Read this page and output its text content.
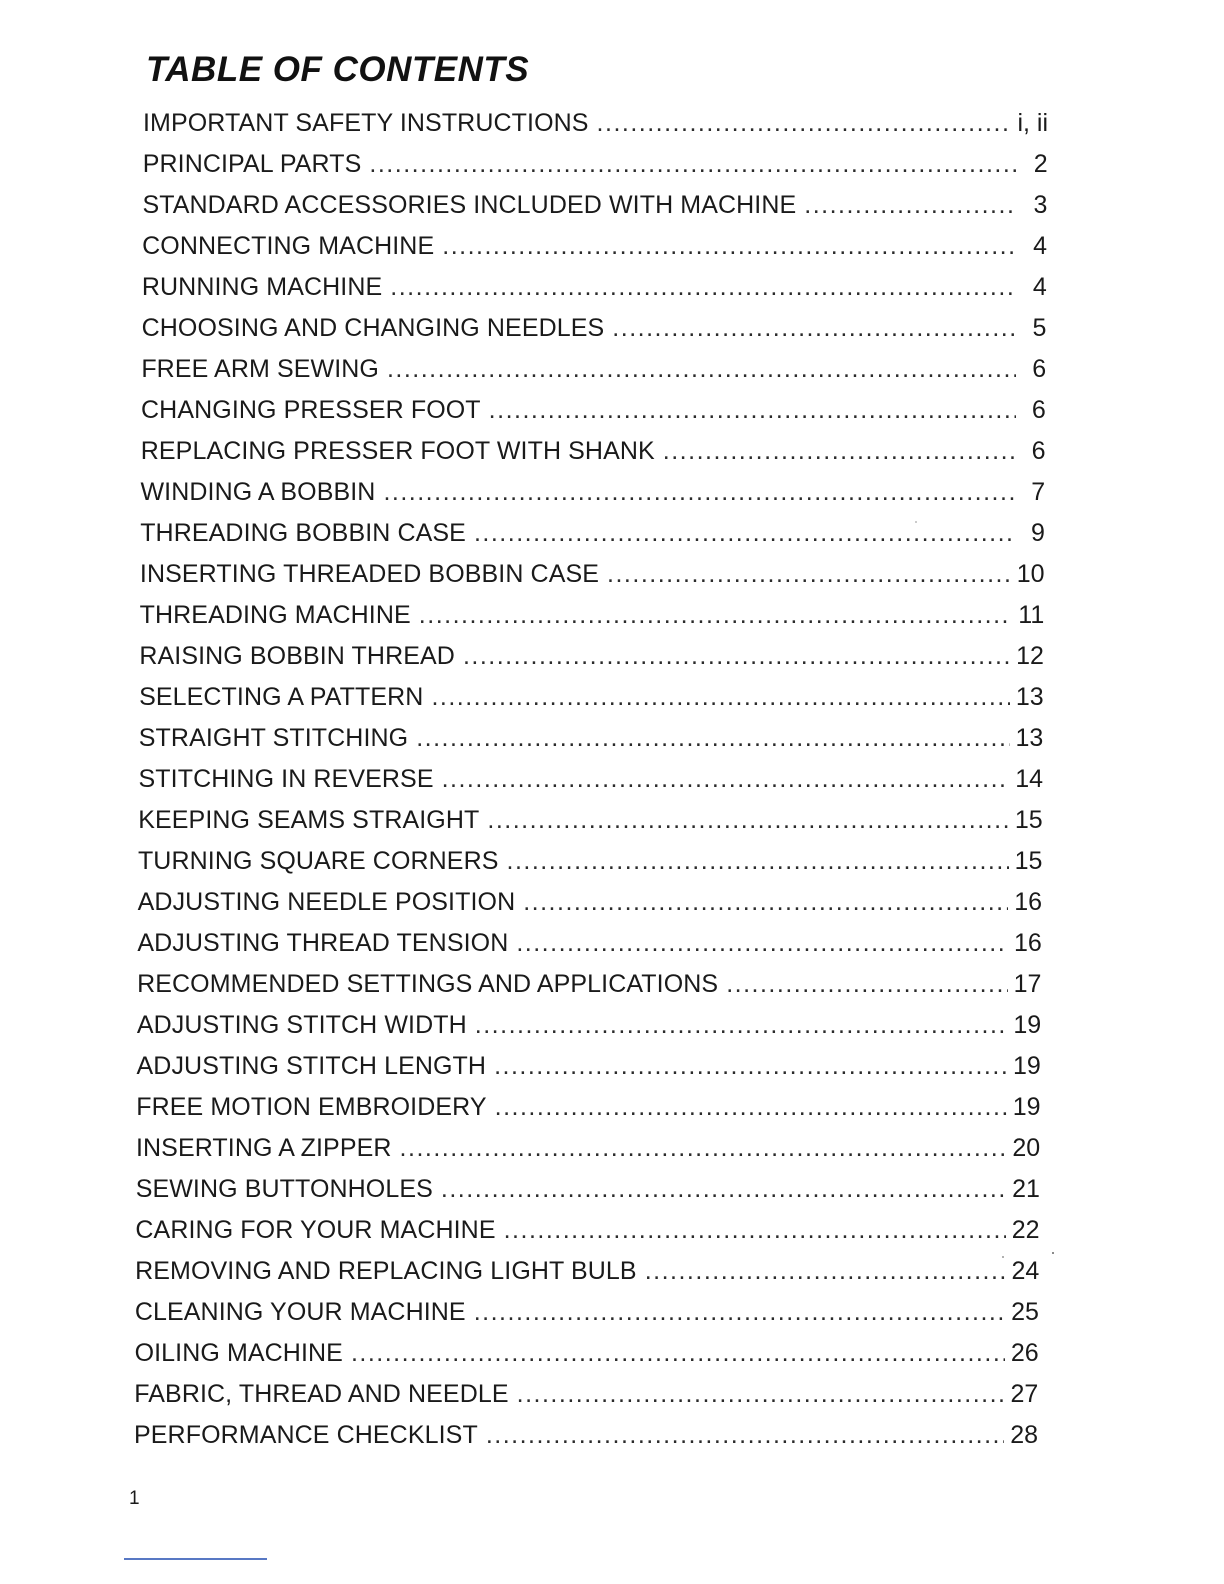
TABLE OF CONTENTS
IMPORTANT SAFETY INSTRUCTIONS .....	i, ii
PRINCIPAL PARTS .....	2
STANDARD ACCESSORIES INCLUDED WITH MACHINE .....	3
CONNECTING MACHINE .....	4
RUNNING MACHINE .....	4
CHOOSING AND CHANGING NEEDLES .....	5
FREE ARM SEWING .....	6
CHANGING PRESSER FOOT .....	6
REPLACING PRESSER FOOT WITH SHANK .....	6
WINDING A BOBBIN .....	7
THREADING BOBBIN CASE .....	9
INSERTING THREADED BOBBIN CASE .....	10
THREADING MACHINE .....	11
RAISING BOBBIN THREAD .....	12
SELECTING A PATTERN .....	13
STRAIGHT STITCHING .....	13
STITCHING IN REVERSE .....	14
KEEPING SEAMS STRAIGHT .....	15
TURNING SQUARE CORNERS .....	15
ADJUSTING NEEDLE POSITION .....	16
ADJUSTING THREAD TENSION .....	16
RECOMMENDED SETTINGS AND APPLICATIONS .....	17
ADJUSTING STITCH WIDTH .....	19
ADJUSTING STITCH LENGTH .....	19
FREE MOTION EMBROIDERY .....	19
INSERTING A ZIPPER .....	20
SEWING BUTTONHOLES .....	21
CARING FOR YOUR MACHINE .....	22
REMOVING AND REPLACING LIGHT BULB .....	24
CLEANING YOUR MACHINE .....	25
OILING MACHINE .....	26
FABRIC, THREAD AND NEEDLE .....	27
PERFORMANCE CHECKLIST .....	28
1
